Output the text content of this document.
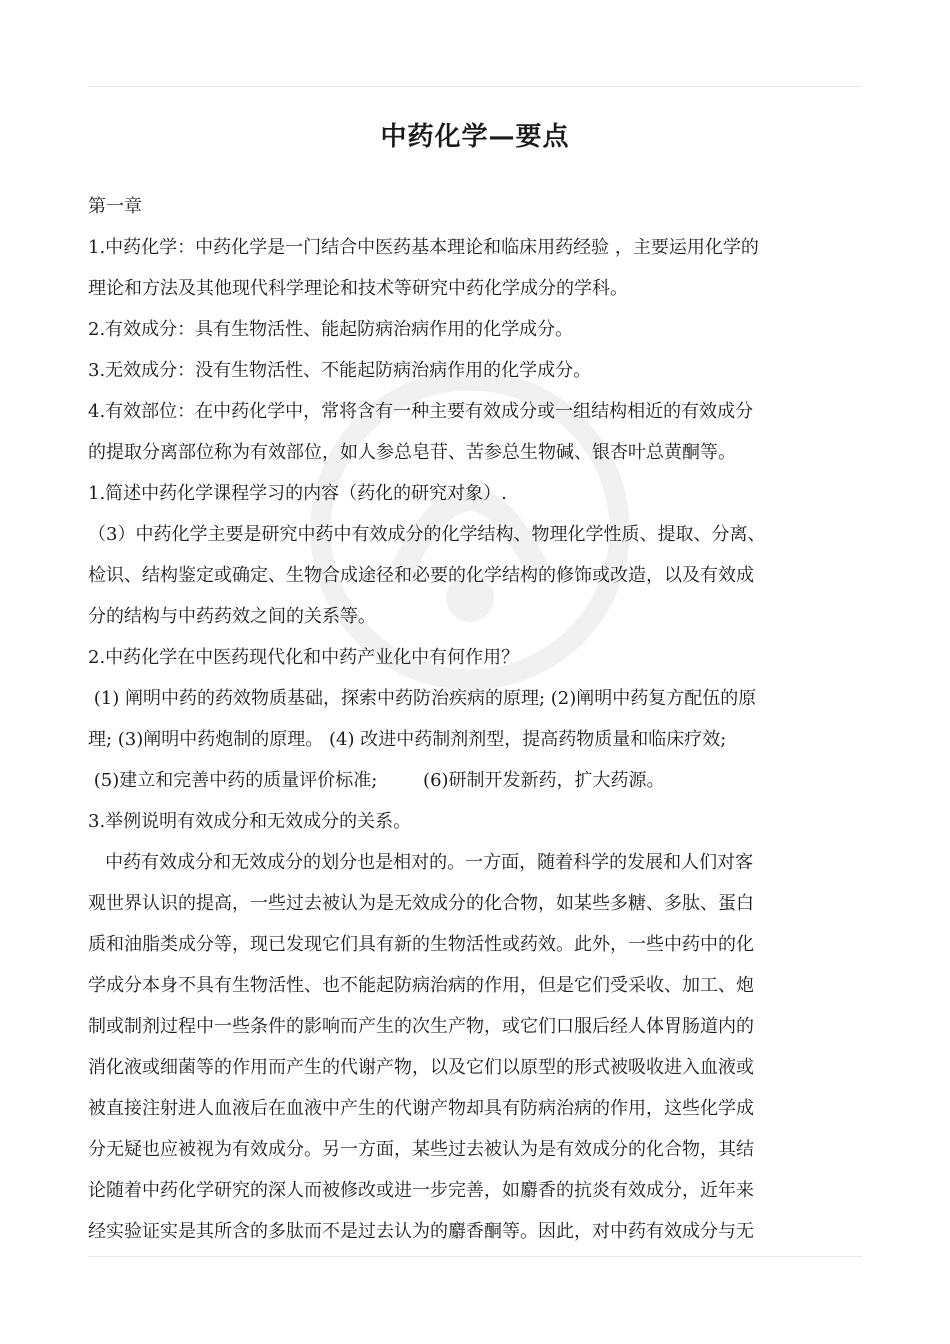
中药化学—要点
第一章
1.中药化学：中药化学是一门结合中医药基本理论和临床用药经验 ，主要运用化学的
理论和方法及其他现代科学理论和技术等研究中药化学成分的学科。
2.有效成分：具有生物活性、能起防病治病作用的化学成分。
3.无效成分：没有生物活性、不能起防病治病作用的化学成分。
4.有效部位：在中药化学中，常将含有一种主要有效成分或一组结构相近的有效成分
的提取分离部位称为有效部位，如人参总皂苷、苦参总生物碱、银杏叶总黄酮等。
1.简述中药化学课程学习的内容（药化的研究对象）.
（3）中药化学主要是研究中药中有效成分的化学结构、物理化学性质、提取、分离、
检识、结构鉴定或确定、生物合成途径和必要的化学结构的修饰或改造，以及有效成
分的结构与中药药效之间的关系等。
2.中药化学在中医药现代化和中药产业化中有何作用？
(1) 阐明中药的药效物质基础，探索中药防治疾病的原理; (2)阐明中药复方配伍的原
理; (3)阐明中药炮制的原理。 (4) 改进中药制剂剂型，提高药物质量和临床疗效;
(5)建立和完善中药的质量评价标准;        (6)研制开发新药，扩大药源。
3.举例说明有效成分和无效成分的关系。
中药有效成分和无效成分的划分也是相对的。一方面，随着科学的发展和人们对客
观世界认识的提高，一些过去被认为是无效成分的化合物，如某些多糖、多肽、蛋白
质和油脂类成分等，现已发现它们具有新的生物活性或药效。此外，一些中药中的化
学成分本身不具有生物活性、也不能起防病治病的作用，但是它们受采收、加工、炮
制或制剂过程中一些条件的影响而产生的次生产物，或它们口服后经人体胃肠道内的
消化液或细菌等的作用而产生的代谢产物，以及它们以原型的形式被吸收进入血液或
被直接注射进人血液后在血液中产生的代谢产物却具有防病治病的作用，这些化学成
分无疑也应被视为有效成分。另一方面，某些过去被认为是有效成分的化合物，其结
论随着中药化学研究的深人而被修改或进一步完善，如麝香的抗炎有效成分，近年来
经实验证实是其所含的多肽而不是过去认为的麝香酮等。因此，对中药有效成分与无
